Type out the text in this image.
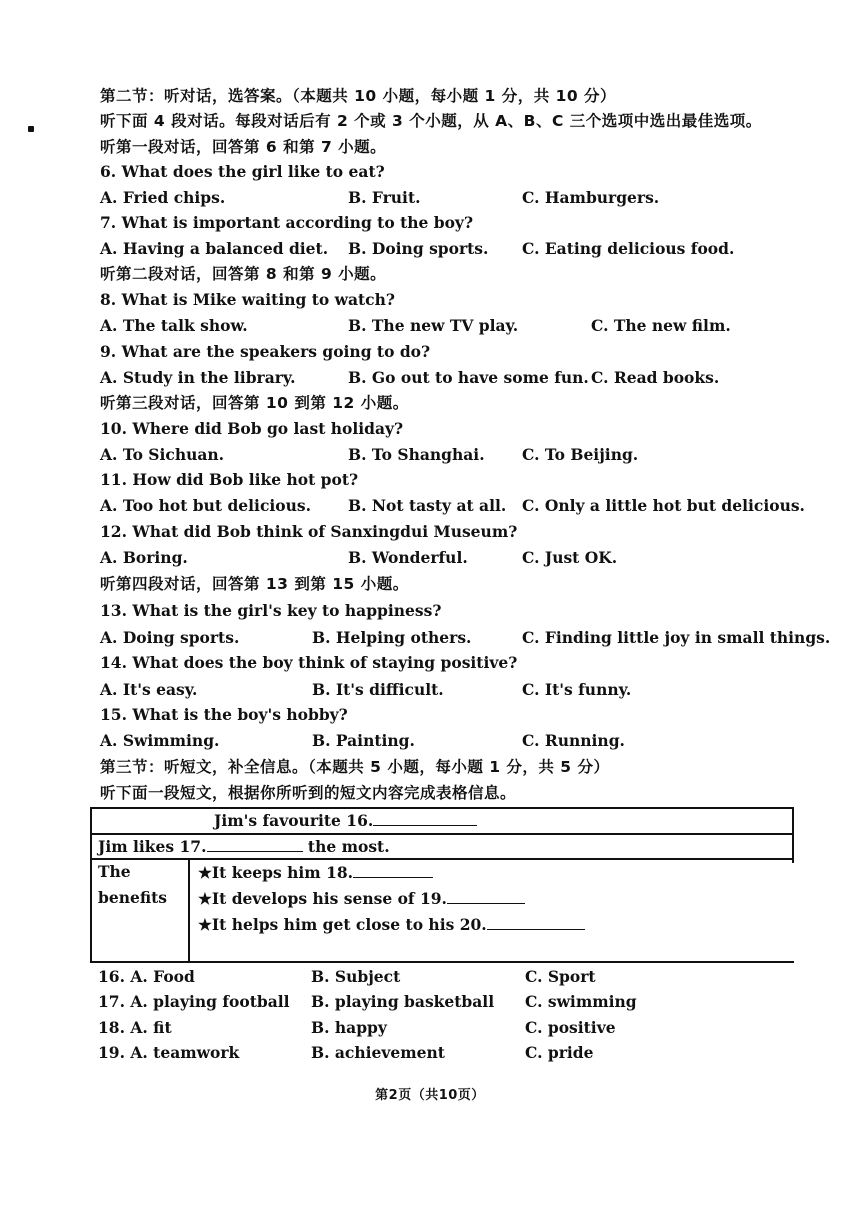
第二节：听对话，选答案。（本题共 10 小题，每小题 1 分，共 10 分）
听下面 4 段对话。每段对话后有 2 个或 3 个小题，从 A、B、C 三个选项中选出最佳选项。
听第一段对话，回答第 6 和第 7 小题。
6. What does the girl like to eat?
A. Fried chips.	B. Fruit.	C. Hamburgers.
7. What is important according to the boy?
A. Having a balanced diet. B. Doing sports. C. Eating delicious food.
听第二段对话，回答第 8 和第 9 小题。
8. What is Mike waiting to watch?
A. The talk show.	B. The new TV play.	C. The new film.
9. What are the speakers going to do?
A. Study in the library.	B. Go out to have some fun. C. Read books.
听第三段对话，回答第 10 到第 12 小题。
10. Where did Bob go last holiday?
A. To Sichuan.	B. To Shanghai. C. To Beijing.
11. How did Bob like hot pot?
A. Too hot but delicious. B. Not tasty at all. C. Only a little hot but delicious.
12. What did Bob think of Sanxingdui Museum?
A. Boring.	B. Wonderful.	C. Just OK.
听第四段对话，回答第 13 到第 15 小题。
13. What is the girl's key to happiness?
A. Doing sports.	B. Helping others.	C. Finding little joy in small things.
14. What does the boy think of staying positive?
A. It's easy.	B. It's difficult.	C. It's funny.
15. What is the boy's hobby?
A. Swimming.	B. Painting.	C. Running.
第三节：听短文，补全信息。（本题共 5 小题，每小题 1 分，共 5 分）
听下面一段短文，根据你所听到的短文内容完成表格信息。
Jim's favourite 16.
Jim likes 17.	the most.
The
benefits
★It keeps him 18.
★It develops his sense of 19.
★It helps him get close to his 20.
16. A. Food	B. Subject	C. Sport
17. A. playing football B. playing basketball C. swimming
18. A. fit	B. happy	C. positive
19. A. teamwork	B. achievement	C. pride
第2页（共10页）
